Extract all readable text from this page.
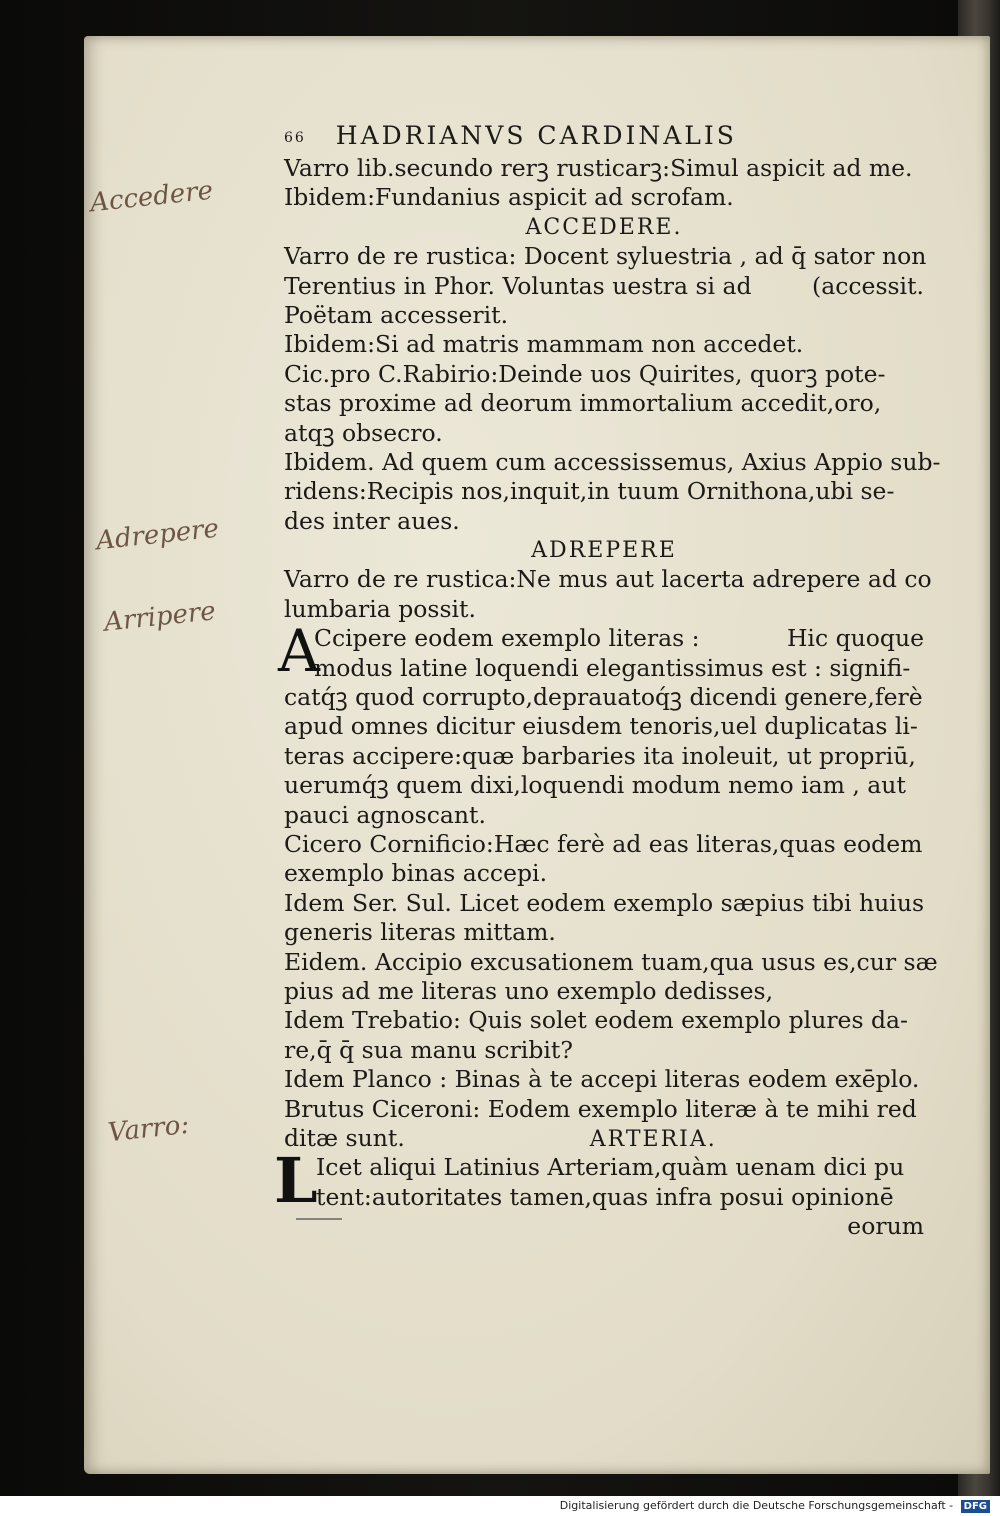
Accedere
Adrepere
Arripere
Varro:
66 HADRIANVS CARDINALIS
Varro lib.secundo rerꝫ rusticarꝫ:Simul aspicit ad me.
Ibidem:Fundanius aspicit ad scrofam.
ACCEDERE.
Varro de re rustica: Docent syluestria , ad q̄ sator non
Terentius in Phor. Voluntas uestra si ad	(accessit.
Poëtam accesserit.
Ibidem:Si ad matris mammam non accedet.
Cic.pro C.Rabirio:Deinde uos Quirites, quorꝫ pote-
stas proxime ad deorum immortalium accedit,oro,
atqꝫ obsecro.
Ibidem. Ad quem cum accessissemus, Axius Appio sub-
ridens:Recipis nos,inquit,in tuum Ornithona,ubi se-
des inter aues.
ADREPERE
Varro de re rustica:Ne mus aut lacerta adrepere ad co
lumbaria possit.
A
Ccipere eodem exemplo literas :	Hic quoque
modus latine loquendi elegantissimus est : signifi-
catq́ꝫ quod corrupto,deprauatoq́ꝫ dicendi genere,ferè
apud omnes dicitur eiusdem tenoris,uel duplicatas li-
teras accipere:quæ barbaries ita inoleuit, ut propriū,
uerumq́ꝫ quem dixi,loquendi modum nemo iam , aut
pauci agnoscant.
Cicero Cornificio:Hæc ferè ad eas literas,quas eodem
exemplo binas accepi.
Idem Ser. Sul. Licet eodem exemplo sæpius tibi huius
generis literas mittam.
Eidem. Accipio excusationem tuam,qua usus es,cur sæ
pius ad me literas uno exemplo dedisses,
Idem Trebatio: Quis solet eodem exemplo plures da-
re,q̄ q̄ sua manu scribit?
Idem Planco : Binas à te accepi literas eodem exēplo.
Brutus Ciceroni: Eodem exemplo literæ à te mihi red
ditæ sunt.	ARTERIA.
L
Icet aliqui Latinius Arteriam,quàm uenam dici pu
tent:autoritates tamen,quas infra posui opinionē
eorum
Digitalisierung gefördert durch die Deutsche Forschungsgemeinschaft - DFG
